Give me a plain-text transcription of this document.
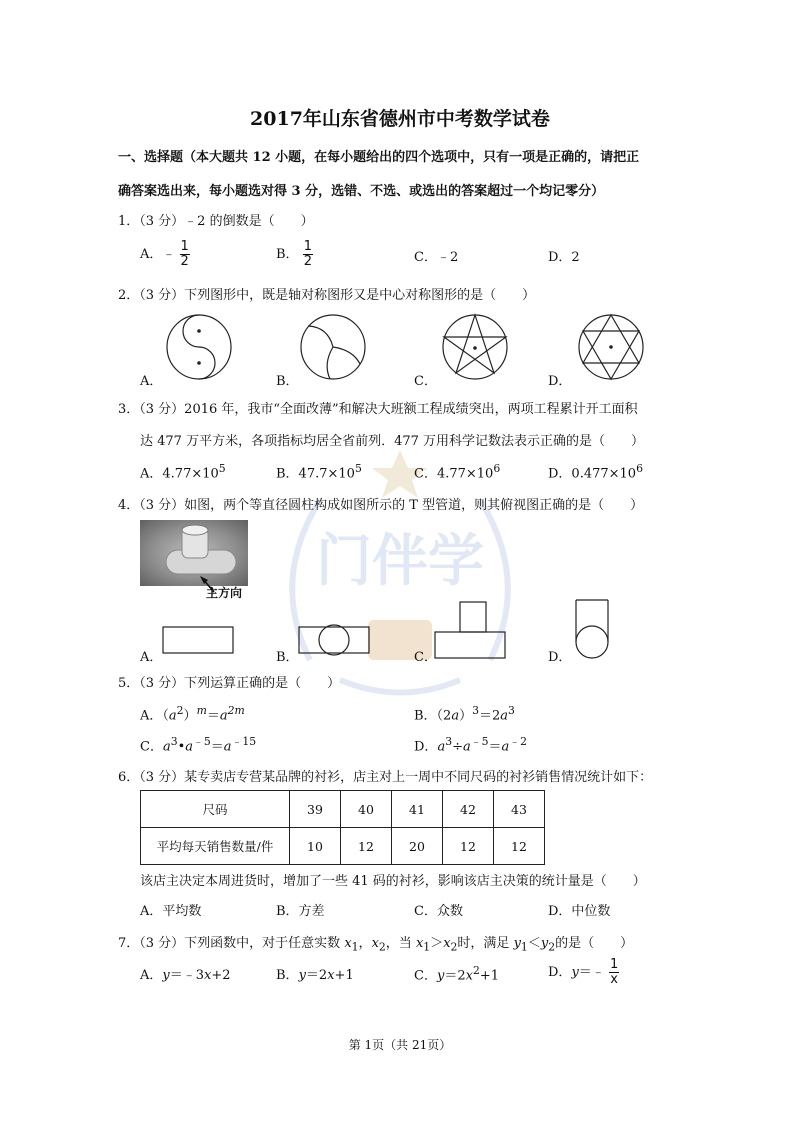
门伴学
2017年山东省德州市中考数学试卷
一、选择题（本大题共 12 小题，在每小题给出的四个选项中，只有一项是正确的，请把正
确答案选出来，每小题选对得 3 分，选错、不选、或选出的答案超过一个均记零分）
1．（3 分）﹣2 的倒数是（　　）
A．﹣ $\frac{1}{2}$	B． $\frac{1}{2}$	C．﹣2	D．2
2．（3 分）下列图形中，既是轴对称图形又是中心对称图形的是（　　）
A．	B．	C．	D．
3．（3 分）2016 年，我市“全面改薄”和解决大班额工程成绩突出，两项工程累计开工面积
达 477 万平方米，各项指标均居全省前列．477 万用科学记数法表示正确的是（　　）
A．$4.77\times 10^5$	B．$47.7\times 10^5$	C．$4.77\times 10^6$	D．$0.477\times 10^6$
4．（3 分）如图，两个等直径圆柱构成如图所示的 T 型管道，则其俯视图正确的是（　　）
主方向
A．	B．	C．	D．
5．（3 分）下列运算正确的是（　　）
A．$(a^2)^m=a^{2m}$	B．$(2a)^3=2a^3$
C．$a^3•a^{﹣5}=a^{﹣15}$	D．$a^3\div a^{﹣5}=a^{﹣2}$
6．（3 分）某专卖店专营某品牌的衬衫，店主对上一周中不同尺码的衬衫销售情况统计如下：
尺码	39	40	41	42	43
平均每天销售数量/件	10	12	20	12	12
该店主决定本周进货时，增加了一些 41 码的衬衫，影响该店主决策的统计量是（　　）
A．平均数	B．方差	C．众数	D．中位数
7．（3 分）下列函数中，对于任意实数 $x_1$，$x_2$，当 $x_1>x_2$时，满足 $y_1<y_2$的是（　　）
A．y＝﹣3x+2	B．y＝2x+1	C．$y=2x^2+1$	D．y＝﹣ $\frac{1}{x}$
第 1页（共 21页）
